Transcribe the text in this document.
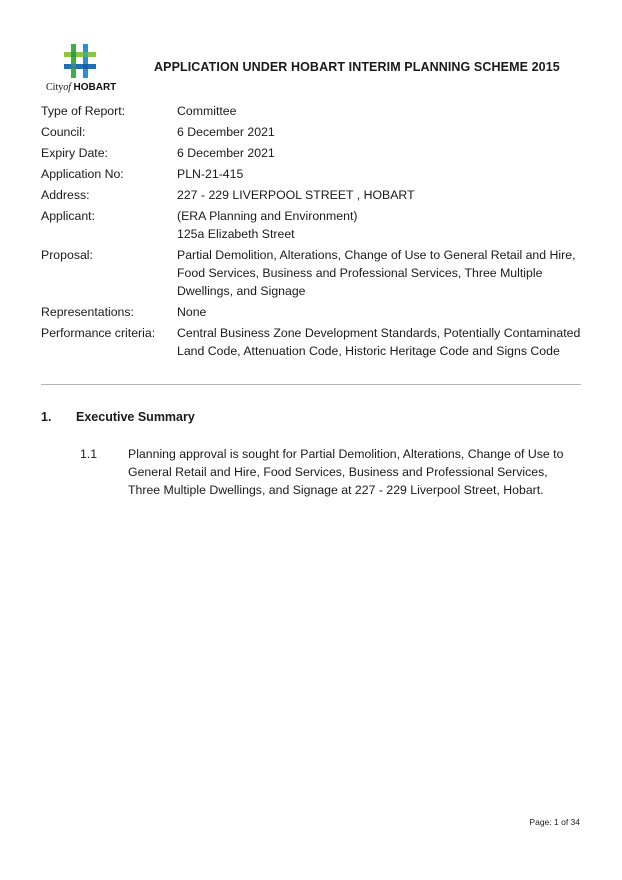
Cityof HOBART
APPLICATION UNDER HOBART INTERIM PLANNING SCHEME 2015
Type of Report:	Committee
Council:	6 December 2021
Expiry Date:	6 December 2021
Application No:	PLN-21-415
Address:	227 - 229 LIVERPOOL STREET , HOBART
Applicant:	(ERA Planning and Environment)
125a Elizabeth Street
Proposal:	Partial Demolition, Alterations, Change of Use to General Retail and Hire,
Food Services, Business and Professional Services, Three Multiple
Dwellings, and Signage
Representations:	None
Performance criteria:	Central Business Zone Development Standards, Potentially Contaminated
Land Code, Attenuation Code, Historic Heritage Code and Signs Code
1. Executive Summary
1.1	Planning approval is sought for Partial Demolition, Alterations, Change of Use to
General Retail and Hire, Food Services, Business and Professional Services,
Three Multiple Dwellings, and Signage at 227 - 229 Liverpool Street, Hobart.
Page: 1 of 34
